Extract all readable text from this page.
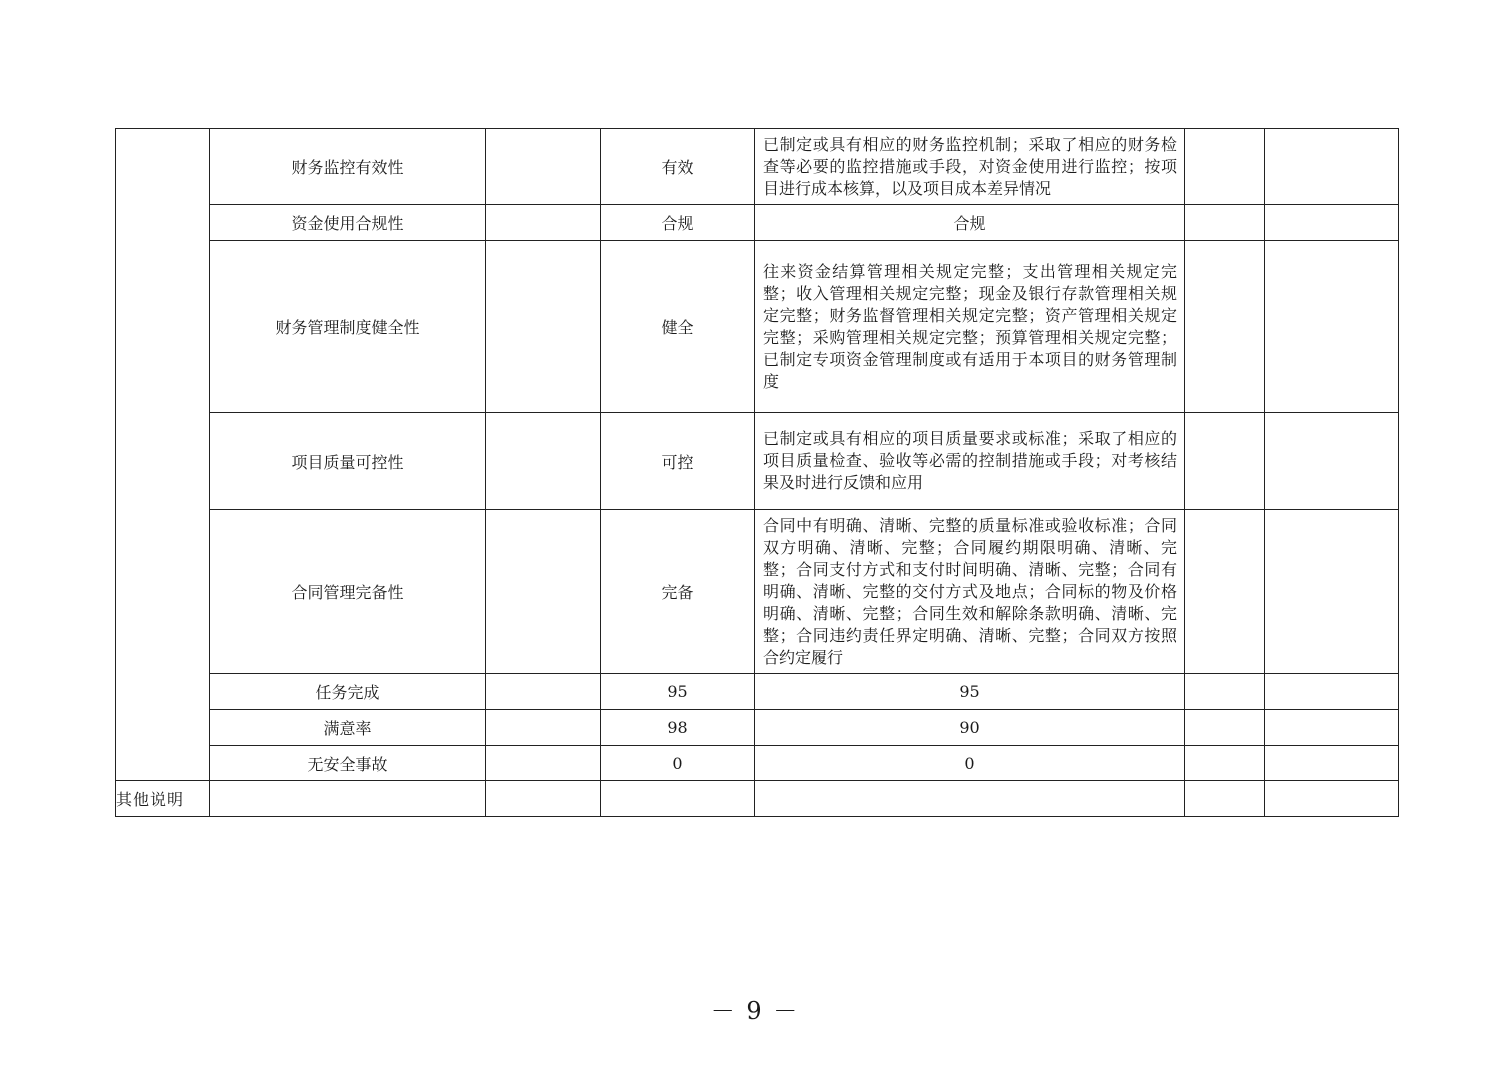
	财务监控有效性		有效	已制定或具有相应的财务监控机制；采取了相应的财务检查等必要的监控措施或手段，对资金使用进行监控；按项目进行成本核算，以及项目成本差异情况		
	资金使用合规性		合规	合规		
	财务管理制度健全性		健全	往来资金结算管理相关规定完整；支出管理相关规定完整；收入管理相关规定完整；现金及银行存款管理相关规定完整；财务监督管理相关规定完整；资产管理相关规定完整；采购管理相关规定完整；预算管理相关规定完整；已制定专项资金管理制度或有适用于本项目的财务管理制度		
	项目质量可控性		可控	已制定或具有相应的项目质量要求或标准；采取了相应的项目质量检查、验收等必需的控制措施或手段；对考核结果及时进行反馈和应用		
	合同管理完备性		完备	合同中有明确、清晰、完整的质量标准或验收标准；合同双方明确、清晰、完整；合同履约期限明确、清晰、完整；合同支付方式和支付时间明确、清晰、完整；合同有明确、清晰、完整的交付方式及地点；合同标的物及价格明确、清晰、完整；合同生效和解除条款明确、清晰、完整；合同违约责任界定明确、清晰、完整；合同双方按照合约定履行		
	任务完成		95	95		
	满意率		98	90		
	无安全事故		0	0		
其他说明						
－ 9 －
